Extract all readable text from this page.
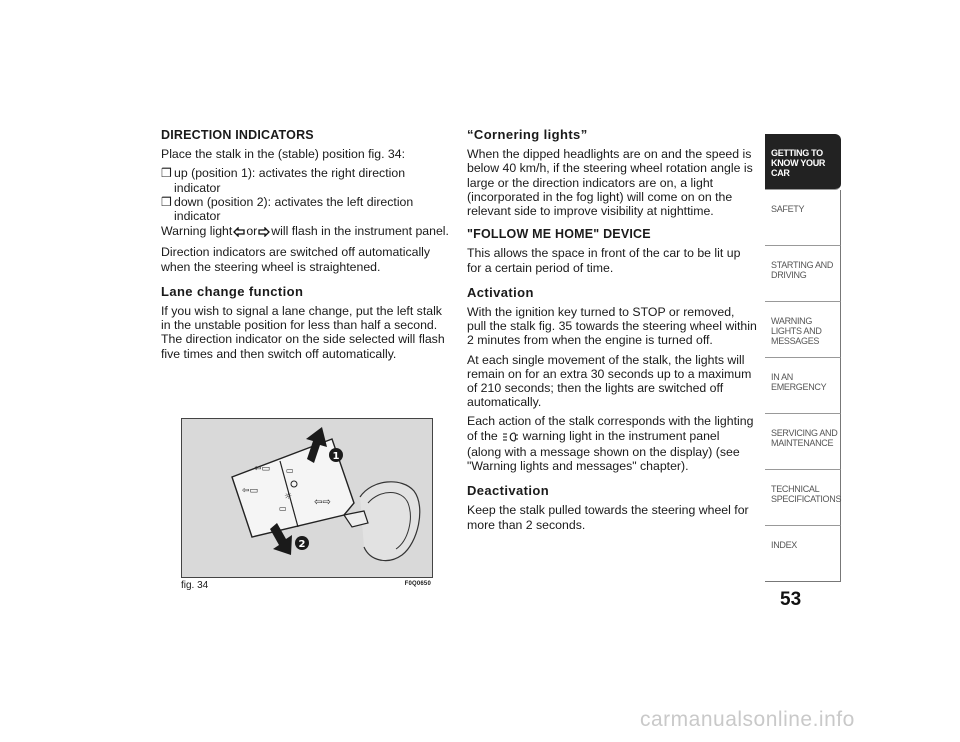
DIRECTION INDICATORS

Place the stalk in the (stable) position fig. 34:

❒ up (position 1): activates the right direction indicator
❒ down (position 2): activates the left direction indicator

Warning light or will flash in the instrument panel.

Direction indicators are switched off automatically when the steering wheel is straightened.

Lane change function

If you wish to signal a lane change, put the left stalk in the unstable position for less than half a second. The direction indicator on the side selected will flash five times and then switch off automatically.

⇦▭
⇦▭
▭
☼
▭
⇦⇨
1
2
fig. 34	F0Q0650
“Cornering lights”

When the dipped headlights are on and the speed is below 40 km/h, if the steering wheel rotation angle is large or the direction indicators are on, a light (incorporated in the fog light) will come on on the relevant side to improve visibility at nighttime.

"FOLLOW ME HOME" DEVICE

This allows the space in front of the car to be lit up for a certain period of time.

Activation

With the ignition key turned to STOP or removed, pull the stalk fig. 35 towards the steering wheel within 2 minutes from when the engine is turned off.

At each single movement of the stalk, the lights will remain on for an extra 30 seconds up to a maximum of 210 seconds; then the lights are switched off automatically.

Each action of the stalk corresponds with the lighting of the warning light in the instrument panel (along with a message shown on the display) (see "Warning lights and messages" chapter).

Deactivation

Keep the stalk pulled towards the steering wheel for more than 2 seconds.

GETTING TO KNOW YOUR CAR
SAFETY
STARTING AND DRIVING
WARNING LIGHTS AND MESSAGES
IN AN EMERGENCY
SERVICING AND MAINTENANCE
TECHNICAL SPECIFICATIONS
INDEX
53
carmanualsonline.info
